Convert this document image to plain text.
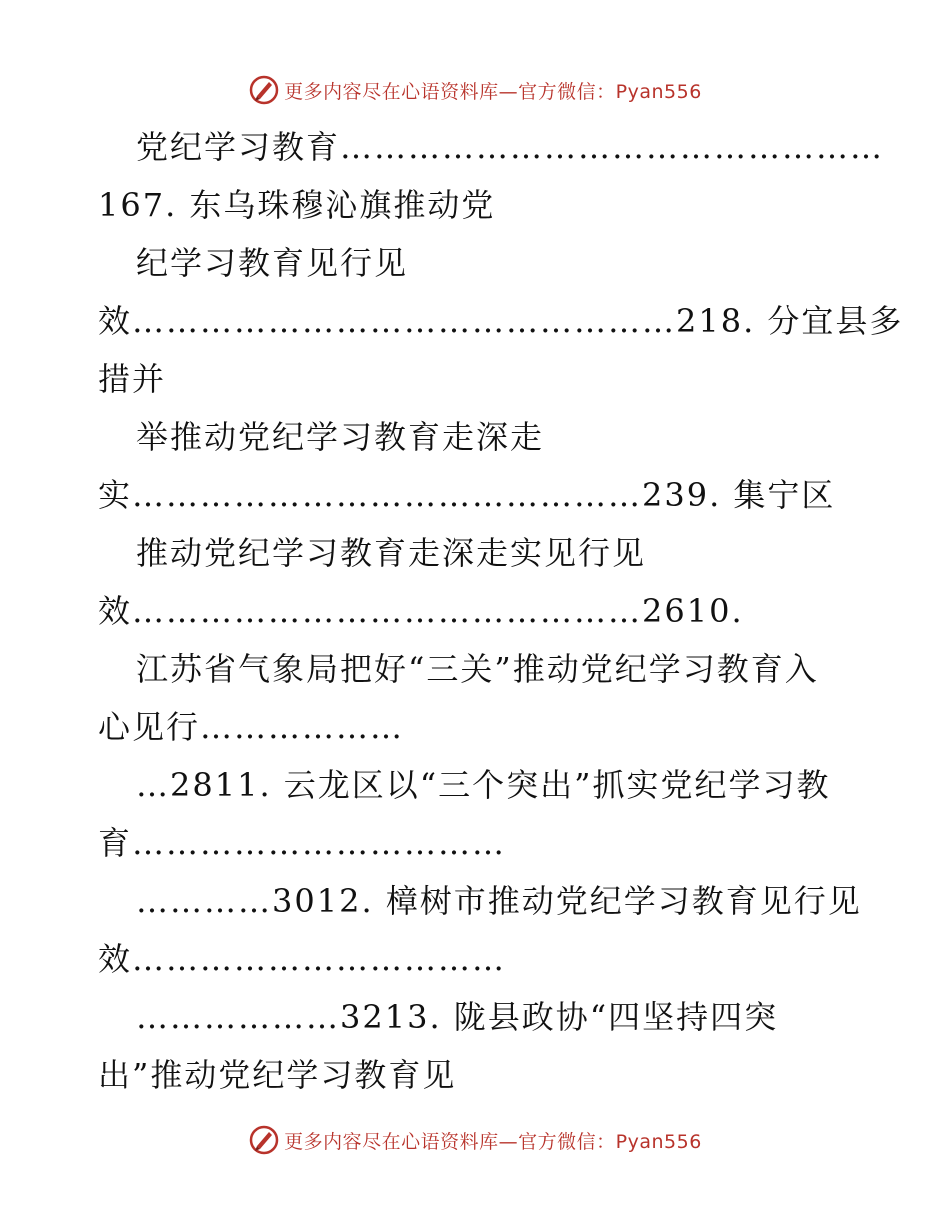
更多内容尽在心语资料库—官方微信：Pyan556
党纪学习教育…………………………………………
167. 东乌珠穆沁旗推动党
纪学习教育见行见
效…………………………………………218. 分宜县多
措并
举推动党纪学习教育走深走
实………………………………………239. 集宁区
推动党纪学习教育走深走实见行见
效………………………………………2610.
江苏省气象局把好“三关”推动党纪学习教育入
心见行………………
…2811. 云龙区以“三个突出”抓实党纪学习教
育……………………………
…………3012. 樟树市推动党纪学习教育见行见
效……………………………
………………3213. 陇县政协“四坚持四突
出”推动党纪学习教育见
更多内容尽在心语资料库—官方微信：Pyan556
